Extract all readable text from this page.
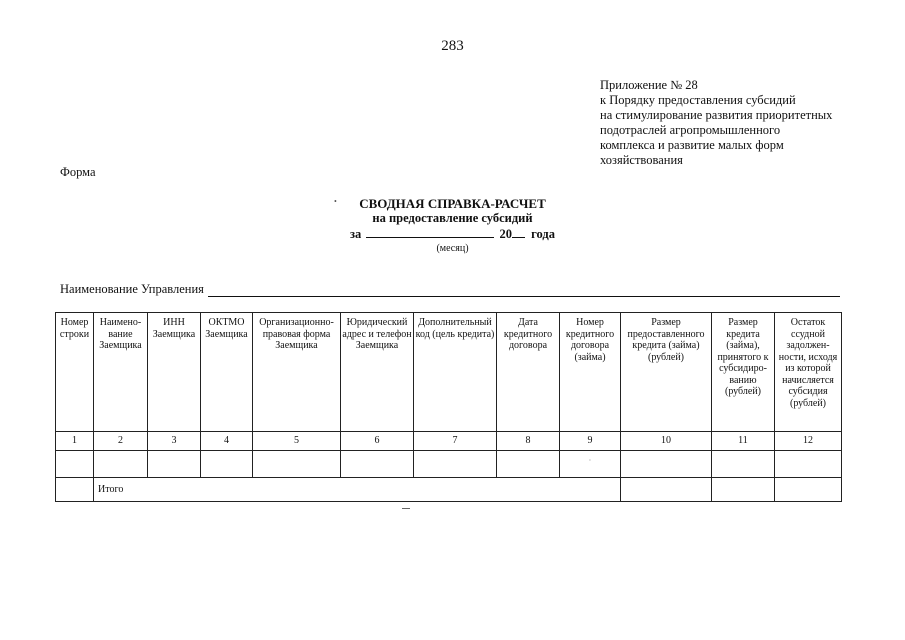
283
Приложение № 28
к Порядку предоставления субсидий
на стимулирование развития приоритетных
подотраслей агропромышленного
комплекса и развитие малых форм
хозяйствования
Форма
•	СВОДНАЯ СПРАВКА-РАСЧЕТ
на предоставление субсидий
за	20 года
(месяц)
Наименование Управления
Номер строки	Наимено-вание Заемщика	ИНН Заемщика	ОКТМО Заемщика	Организационно-правовая форма Заемщика	Юридический адрес и телефон Заемщика	Дополнительный код (цель кредита)	Дата кредитного договора	Номер кредитного договора (займа)	Размер предоставленного кредита (займа) (рублей)	Размер кредита (займа), принятого к субсидиро-ванию (рублей)	Остаток ссудной задолжен-ности, исходя из которой начисляется субсидия (рублей)
1	2	3	4	5	6	7	8	9	10	11	12
								·			
	Итого										
